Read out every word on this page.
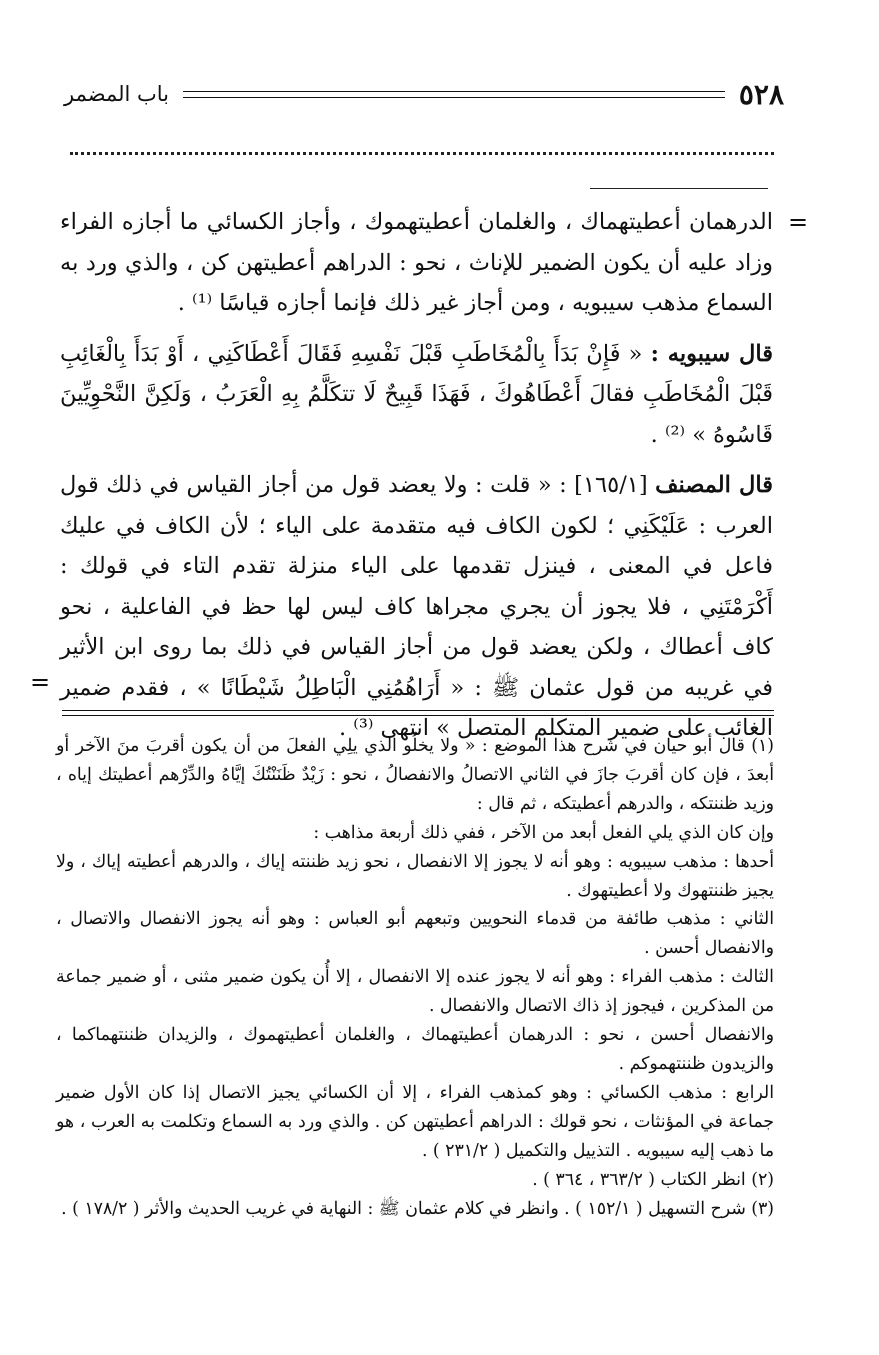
باب المضمر	٥٢٨
=

الدرهمان أعطيتهماك ، والغلمان أعطيتهموك ، وأجاز الكسائي ما أجازه الفراء وزاد عليه أن يكون الضمير للإناث ، نحو : الدراهم أعطيتهن كن ، والذي ورد به السماع مذهب سيبويه ، ومن أجاز غير ذلك فإنما أجازه قياسًا ⁽¹⁾ .

قال سيبويه : « فَإِنْ بَدَأَ بِالْمُخَاطَبِ قَبْلَ نَفْسِهِ فَقَالَ أَعْطَاكَنِي ، أَوْ بَدَأَ بِالْغَائِبِ قَبْلَ الْمُخَاطَبِ فقالَ أَعْطَاهُوكَ ، فَهَذَا قَبِيحٌ لَا تتكَلَّمُ بِهِ الْعَرَبُ ، وَلَكِنَّ النَّحْوِيِّينَ قَاسُوهُ » ⁽²⁾ .

قال المصنف [١٦٥/١] : « قلت : ولا يعضد قول من أجاز القياس في ذلك قول العرب : عَلَيْكَنِي ؛ لكون الكاف فيه متقدمة على الياء ؛ لأن الكاف في عليك فاعل في المعنى ، فينزل تقدمها على الياء منزلة تقدم التاء في قولك : أَكْرَمْتَنِي ، فلا يجوز أن يجري مجراها كاف ليس لها حظ في الفاعلية ، نحو كاف أعطاك ، ولكن يعضد قول من أجاز القياس في ذلك بما روى ابن الأثير في غريبه من قول عثمان ﷺ : « أَرَاهُمُنِي الْبَاطِلُ شَيْطَانًا » ، فقدم ضمير الغائب على ضمير المتكلم المتصل » انتهى ⁽³⁾ .

=

(١) قال أبو حيان في شرح هذا الموضع : « ولا يخلُو الذي يلِي الفعلَ من أن يكون أقربَ منَ الآخر أو أبعدَ ، فإن كان أقربَ جازَ في الثاني الاتصالُ والانفصالُ ، نحو : زَيْدٌ ظَنَنْتُكَ إيَّاهُ والدِّرْهم أعطيتك إياه ، وزيد ظننتكه ، والدرهم أعطيتكه ، ثم قال :

وإن كان الذي يلي الفعل أبعد من الآخر ، ففي ذلك أربعة مذاهب :

أحدها : مذهب سيبويه : وهو أنه لا يجوز إلا الانفصال ، نحو زيد ظننته إياك ، والدرهم أعطيته إياك ، ولا يجيز ظننتهوك ولا أعطيتهوك .

الثاني : مذهب طائفة من قدماء النحويين وتبعهم أبو العباس : وهو أنه يجوز الانفصال والاتصال ، والانفصال أحسن .

الثالث : مذهب الفراء : وهو أنه لا يجوز عنده إلا الانفصال ، إلا أُن يكون ضمير مثنى ، أو ضمير جماعة من المذكرين ، فيجوز إذ ذاك الاتصال والانفصال .

والانفصال أحسن ، نحو : الدرهمان أعطيتهماك ، والغلمان أعطيتهموك ، والزيدان ظننتهماكما ، والزيدون ظننتهموكم .

الرابع : مذهب الكسائي : وهو كمذهب الفراء ، إلا أن الكسائي يجيز الاتصال إذا كان الأول ضمير جماعة في المؤنثات ، نحو قولك : الدراهم أعطيتهن كن . والذي ورد به السماع وتكلمت به العرب ، هو ما ذهب إليه سيبويه . التذييل والتكميل ( ٢٣١/٢ ) .

(٢) انظر الكتاب ( ٣٦٣/٢ ، ٣٦٤ ) .

(٣) شرح التسهيل ( ١٥٢/١ ) . وانظر في كلام عثمان ﷺ : النهاية في غريب الحديث والأثر ( ١٧٨/٢ ) .
